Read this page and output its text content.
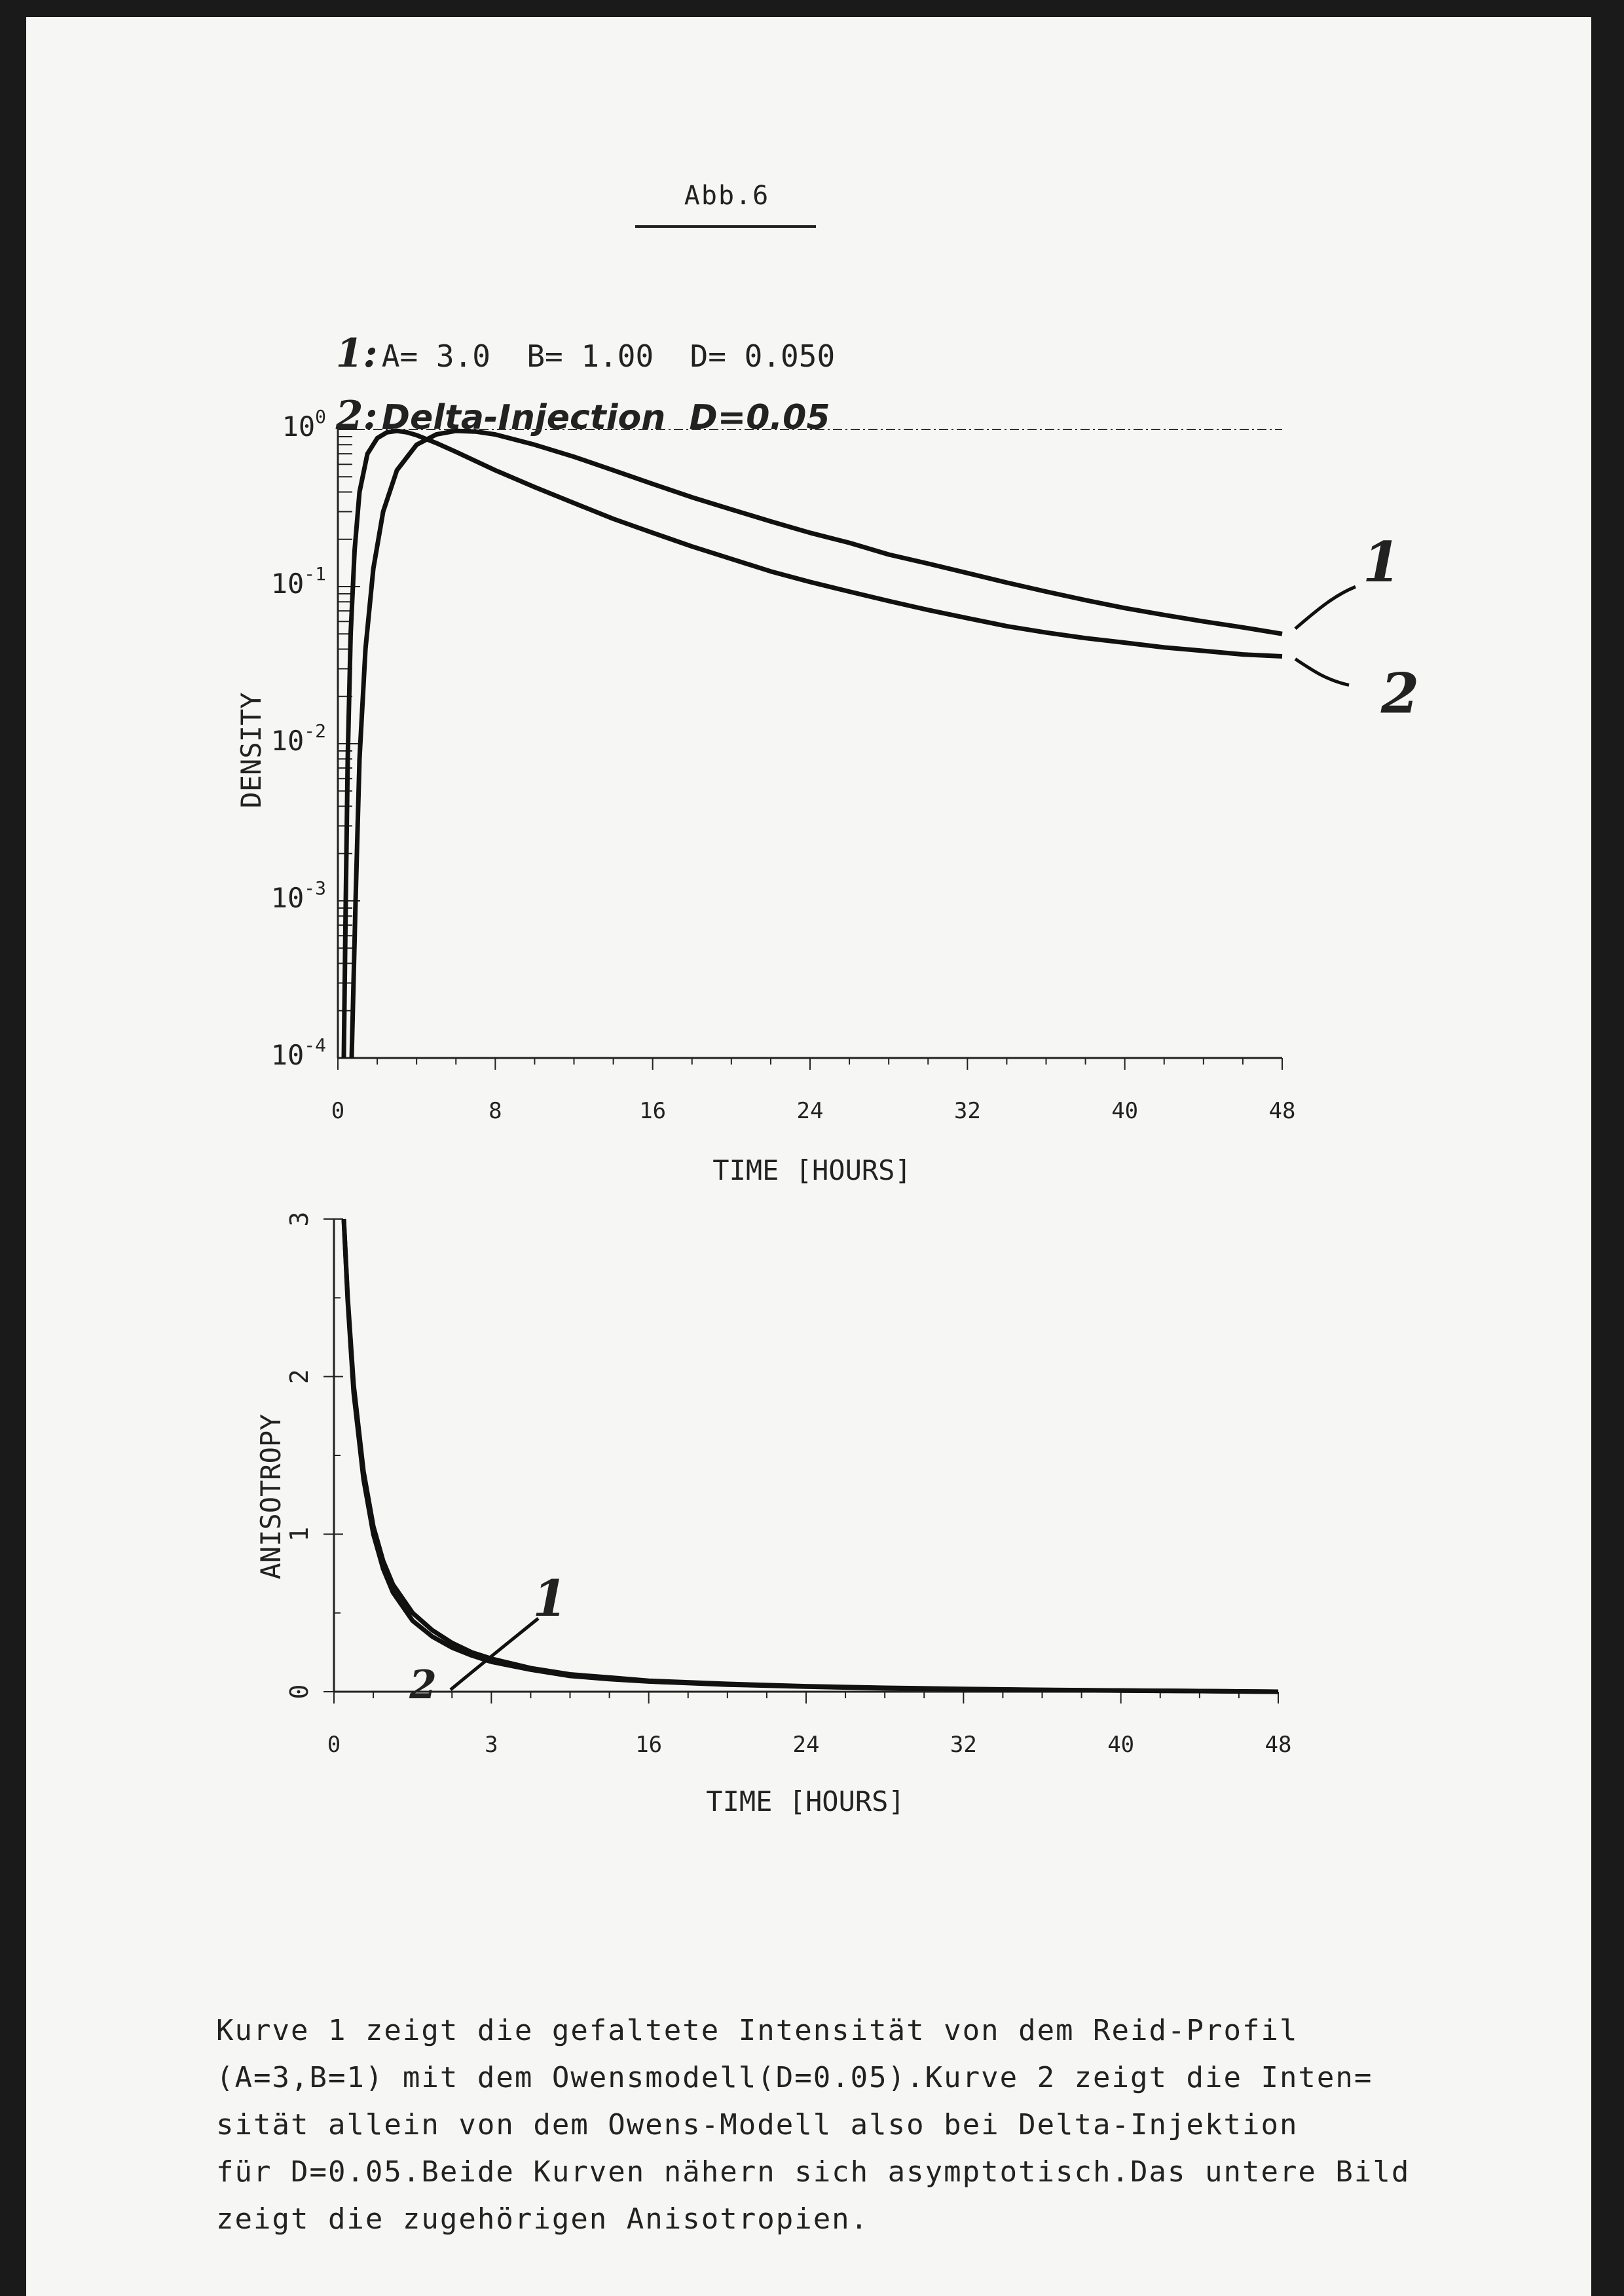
Abb.6

1: A= 3.0  B= 1.00  D= 0.050

2: Delta-Injection  D=0.05

$10^0$
$10^{-1}$
$10^{-2}$
$10^{-3}$
$10^{-4}$
0	8	16	24	32	40	48
TIME [HOURS]
DENSITY
1
2
0
1
2
3
0	3	16	24	32	40	48
TIME [HOURS]
ANISOTROPY
1
2

Kurve 1 zeigt die gefaltete Intensität von dem Reid-Profil

(A=3,B=1) mit dem Owensmodell(D=0.05).Kurve 2 zeigt die Inten=

sität allein von dem Owens-Modell also bei Delta-Injektion

für D=0.05.Beide Kurven nähern sich asymptotisch.Das untere Bild

zeigt die zugehörigen Anisotropien.
